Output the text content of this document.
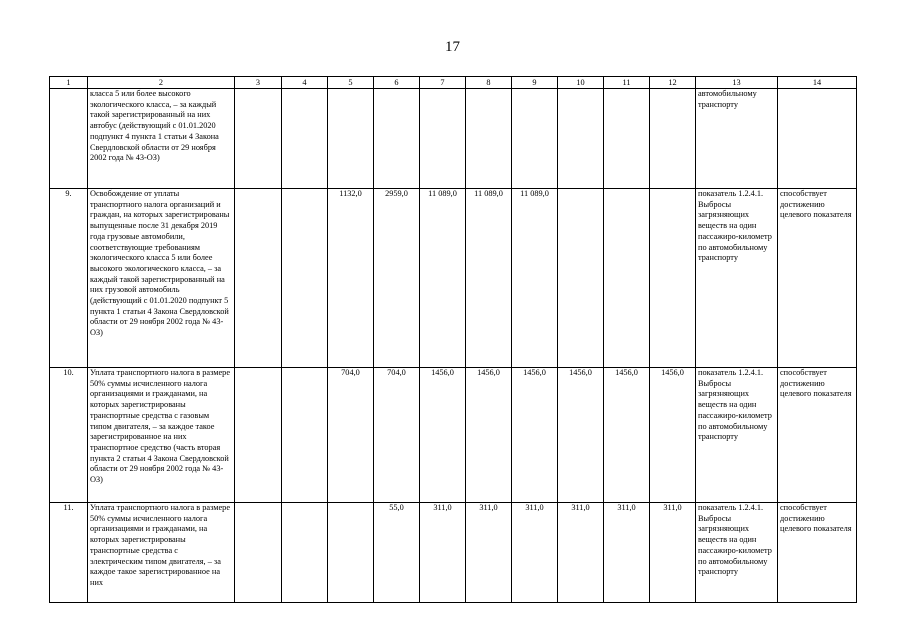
17
1	2	3	4	5	6	7	8	9	10	11	12	13	14
	класса 5 или более высокого экологического класса, – за каждый такой зарегистрированный на них автобус (действующий с 01.01.2020 подпункт 4 пункта 1 статьи 4 Закона Свердловской области от 29 ноября 2002 года № 43-ОЗ)											автомобильному транспорту	
9.	Освобождение от уплаты транспортного налога организаций и граждан, на которых зарегистрированы выпущенные после 31 декабря 2019 года грузовые автомобили, соответствующие требованиям экологического класса 5 или более высокого экологического класса, – за каждый такой зарегистрированный на них грузовой автомобиль (действующий с 01.01.2020 подпункт 5 пункта 1 статьи 4 Закона Свердловской области от 29 ноября 2002 года № 43-ОЗ)			1132,0	2959,0	11 089,0	11 089,0	11 089,0				показатель 1.2.4.1. Выбросы загрязняющих веществ на один пассажиро-километр по автомобильному транспорту	способствует достижению целевого показателя
10.	Уплата транспортного налога в размере 50% суммы исчисленного налога организациями и гражданами, на которых зарегистрированы транспортные средства с газовым типом двигателя, – за каждое такое зарегистрированное на них транспортное средство (часть вторая пункта 2 статьи 4 Закона Свердловской области от 29 ноября 2002 года № 43-ОЗ)			704,0	704,0	1456,0	1456,0	1456,0	1456,0	1456,0	1456,0	показатель 1.2.4.1. Выбросы загрязняющих веществ на один пассажиро-километр по автомобильному транспорту	способствует достижению целевого показателя
11.	Уплата транспортного налога в размере 50% суммы исчисленного налога организациями и гражданами, на которых зарегистрированы транспортные средства с электрическим типом двигателя, – за каждое такое зарегистрированное на них				55,0	311,0	311,0	311,0	311,0	311,0	311,0	показатель 1.2.4.1. Выбросы загрязняющих веществ на один пассажиро-километр по автомобильному транспорту	способствует достижению целевого показателя
